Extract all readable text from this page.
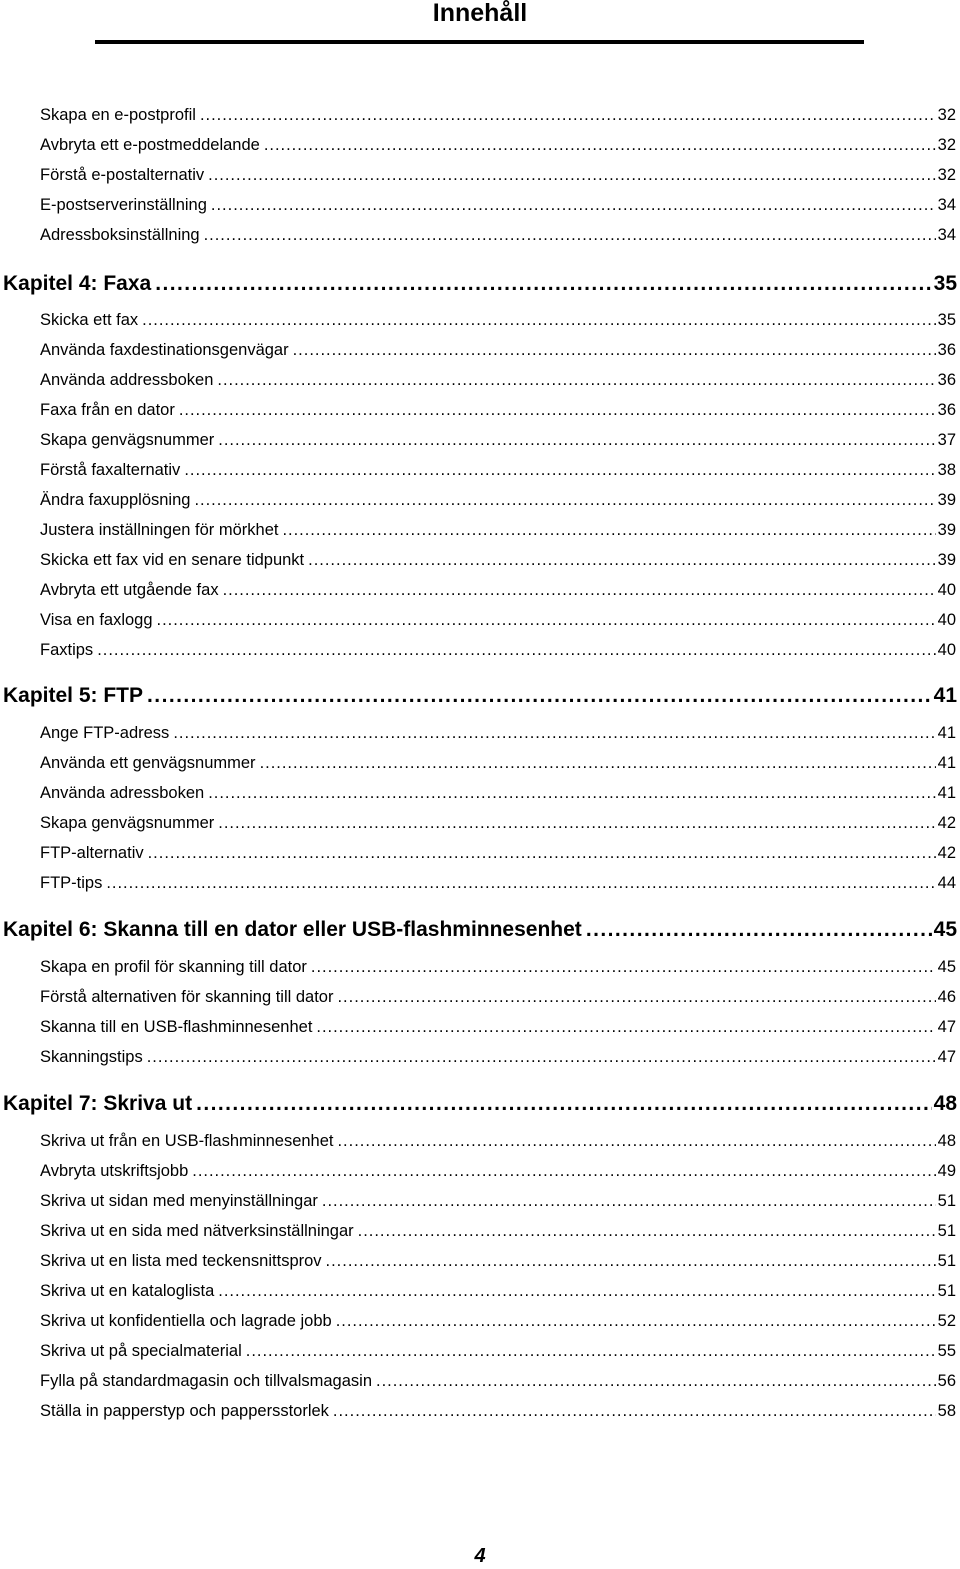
Innehåll
Skapa en e-postprofil . . .	32
Avbryta ett e-postmeddelande . . .	32
Förstå e-postalternativ . . .	32
E-postserverinställning . . .	34
Adressboksinställning . . .	34
Kapitel 4: Faxa . . .	35
Skicka ett fax . . .	35
Använda faxdestinationsgenvägar . . .	36
Använda addressboken . . .	36
Faxa från en dator . . .	36
Skapa genvägsnummer . . .	37
Förstå faxalternativ . . .	38
Ändra faxupplösning . . .	39
Justera inställningen för mörkhet . . .	39
Skicka ett fax vid en senare tidpunkt . . .	39
Avbryta ett utgående fax . . .	40
Visa en faxlogg . . .	40
Faxtips . . .	40
Kapitel 5: FTP . . .	41
Ange FTP-adress . . .	41
Använda ett genvägsnummer . . .	41
Använda adressboken . . .	41
Skapa genvägsnummer . . .	42
FTP-alternativ . . .	42
FTP-tips . . .	44
Kapitel 6: Skanna till en dator eller USB-flashminnesenhet . . .	45
Skapa en profil för skanning till dator . . .	45
Förstå alternativen för skanning till dator . . .	46
Skanna till en USB-flashminnesenhet . . .	47
Skanningstips . . .	47
Kapitel 7: Skriva ut . . .	48
Skriva ut från en USB-flashminnesenhet . . .	48
Avbryta utskriftsjobb . . .	49
Skriva ut sidan med menyinställningar . . .	51
Skriva ut en sida med nätverksinställningar . . .	51
Skriva ut en lista med teckensnittsprov . . .	51
Skriva ut en kataloglista . . .	51
Skriva ut konfidentiella och lagrade jobb . . .	52
Skriva ut på specialmaterial . . .	55
Fylla på standardmagasin och tillvalsmagasin . . .	56
Ställa in papperstyp och pappersstorlek . . .	58
4
